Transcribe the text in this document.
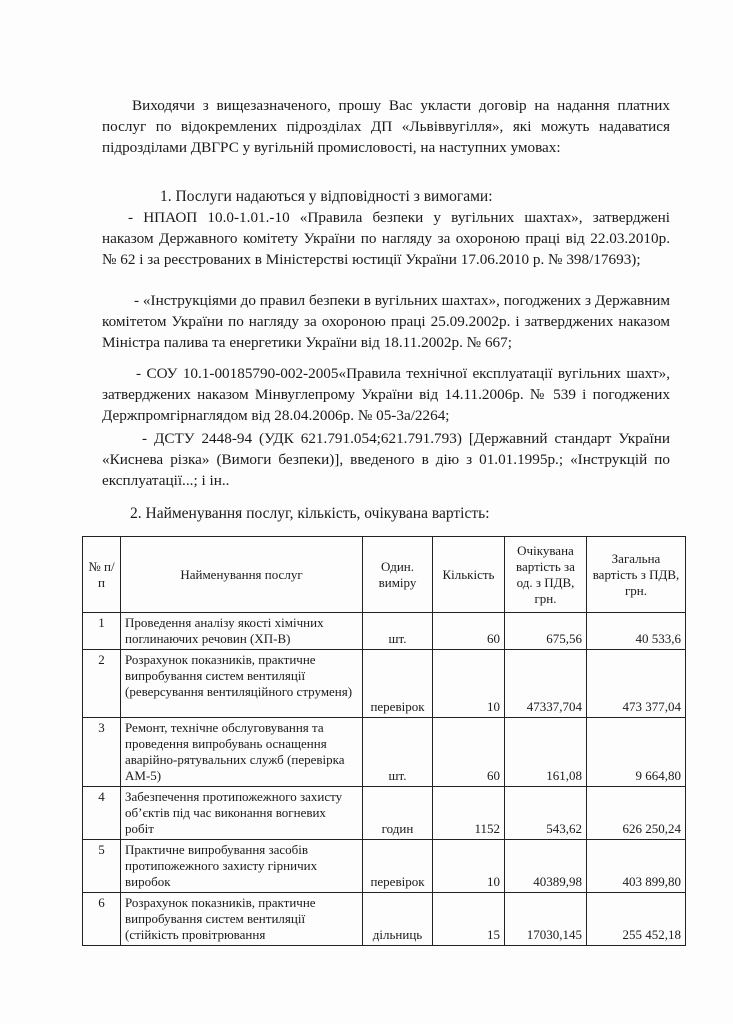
Виходячи з вищезазначеного, прошу Вас укласти договір на надання платних послуг по відокремлених підрозділах ДП «Львіввугілля», які можуть надаватися підрозділами ДВГРС у вугільній промисловості, на наступних умовах:
1. Послуги надаються у відповідності з вимогами:
- НПАОП 10.0-1.01.-10 «Правила безпеки у вугільних шахтах», затверджені наказом Державного комітету України по нагляду за охороною праці від 22.03.2010р. № 62 і за реєстрованих в Міністерстві юстиції України 17.06.2010 р. № 398/17693);
- «Інструкціями до правил безпеки в вугільних шахтах», погоджених з Державним комітетом України по нагляду за охороною праці 25.09.2002р. і затверджених наказом Міністра палива та енергетики України від 18.11.2002р. № 667;
- СОУ 10.1-00185790-002-2005«Правила технічної експлуатації вугільних шахт», затверджених наказом Мінвуглепрому України від 14.11.2006р. № 539 і погоджених Держпромгірнаглядом від 28.04.2006р. № 05-3а/2264;
- ДСТУ 2448-94 (УДК 621.791.054;621.791.793) [Державний стандарт України «Киснева різка» (Вимоги безпеки)], введеного в дію з 01.01.1995р.; «Інструкцій по експлуатації...; і ін..
2. Найменування послуг, кількість, очікувана вартість:
№ п/п	Найменування послуг	Один. виміру	Кількість	Очікувана вартість за од. з ПДВ, грн.	Загальна вартість з ПДВ, грн.
1	Проведення аналізу якості хімічних поглинаючих речовин (ХП-В)	шт.	60	675,56	40 533,6
2	Розрахунок показників, практичне випробування систем вентиляції (реверсування вентиляційного струменя)	перевірок	10	47337,704	473 377,04
3	Ремонт, технічне обслуговування та проведення випробувань оснащення аварійно-рятувальних служб (перевірка АМ-5)	шт.	60	161,08	9 664,80
4	Забезпечення протипожежного захисту об’єктів під час виконання вогневих робіт	годин	1152	543,62	626 250,24
5	Практичне випробування засобів протипожежного захисту гірничих виробок	перевірок	10	40389,98	403 899,80
6	Розрахунок показників, практичне випробування систем вентиляції (стійкість провітрювання	дільниць	15	17030,145	255 452,18
